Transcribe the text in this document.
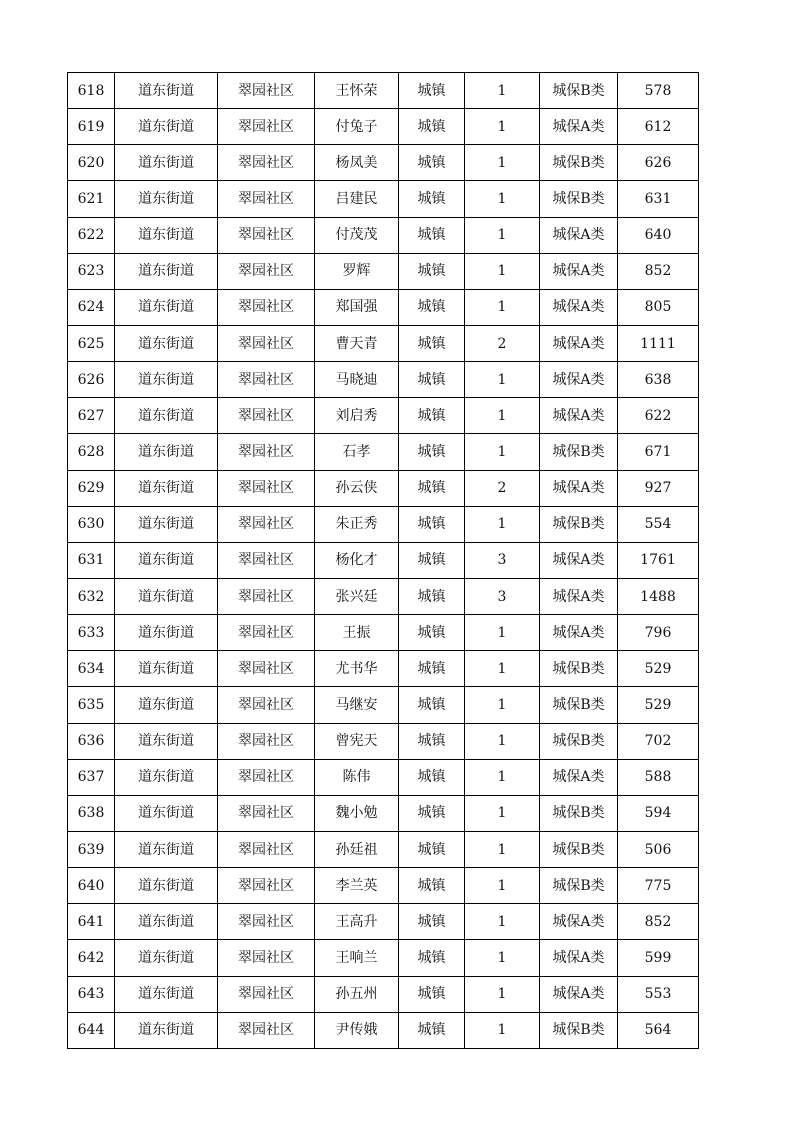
618	道东街道	翠园社区	王怀荣	城镇	1	城保B类	578
619	道东街道	翠园社区	付兔子	城镇	1	城保A类	612
620	道东街道	翠园社区	杨凤美	城镇	1	城保B类	626
621	道东街道	翠园社区	吕建民	城镇	1	城保B类	631
622	道东街道	翠园社区	付茂茂	城镇	1	城保A类	640
623	道东街道	翠园社区	罗辉	城镇	1	城保A类	852
624	道东街道	翠园社区	郑国强	城镇	1	城保A类	805
625	道东街道	翠园社区	曹天青	城镇	2	城保A类	1111
626	道东街道	翠园社区	马晓迪	城镇	1	城保A类	638
627	道东街道	翠园社区	刘启秀	城镇	1	城保A类	622
628	道东街道	翠园社区	石孝	城镇	1	城保B类	671
629	道东街道	翠园社区	孙云侠	城镇	2	城保A类	927
630	道东街道	翠园社区	朱正秀	城镇	1	城保B类	554
631	道东街道	翠园社区	杨化才	城镇	3	城保A类	1761
632	道东街道	翠园社区	张兴廷	城镇	3	城保A类	1488
633	道东街道	翠园社区	王振	城镇	1	城保A类	796
634	道东街道	翠园社区	尤书华	城镇	1	城保B类	529
635	道东街道	翠园社区	马继安	城镇	1	城保B类	529
636	道东街道	翠园社区	曾宪天	城镇	1	城保B类	702
637	道东街道	翠园社区	陈伟	城镇	1	城保A类	588
638	道东街道	翠园社区	魏小勉	城镇	1	城保B类	594
639	道东街道	翠园社区	孙廷祖	城镇	1	城保B类	506
640	道东街道	翠园社区	李兰英	城镇	1	城保B类	775
641	道东街道	翠园社区	王高升	城镇	1	城保A类	852
642	道东街道	翠园社区	王响兰	城镇	1	城保A类	599
643	道东街道	翠园社区	孙五州	城镇	1	城保A类	553
644	道东街道	翠园社区	尹传娥	城镇	1	城保B类	564
